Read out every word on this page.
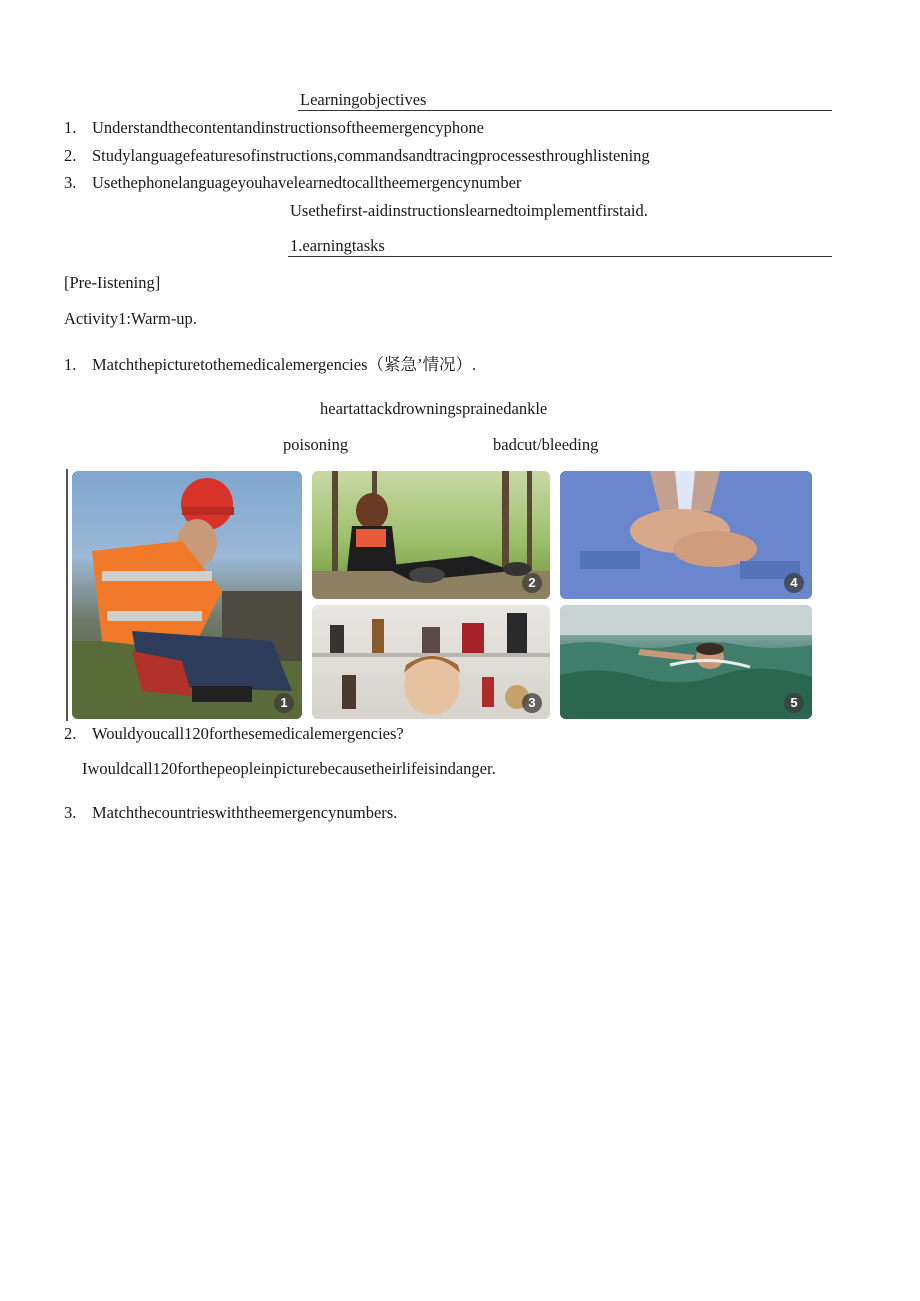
Learningobjectives
1. Understandthecontentandinstructionsoftheemergencyphone
2. Studylanguagefeaturesofinstructions,commandsandtracingprocessesthroughlistening
3. Usethephonelanguageyouhavelearnedtocalltheemergencynumber
Usethefirst-aidinstructionslearnedtoimplementfirstaid.
1.earningtasks
[Pre-Iistening]
Activity1:Warm-up.
1. Matchthepicturetothemedicalemergencies（紧急’情况）.
heartattackdrowningsprainedankle
poisoning	badcut/bleeding
1
2
3
4
5
2. Wouldyoucall120forthesemedicalemergencies?
Iwouldcall120forthepeopleinpicturebecausetheirlifeisindanger.
3. Matchthecountrieswiththeemergencynumbers.
